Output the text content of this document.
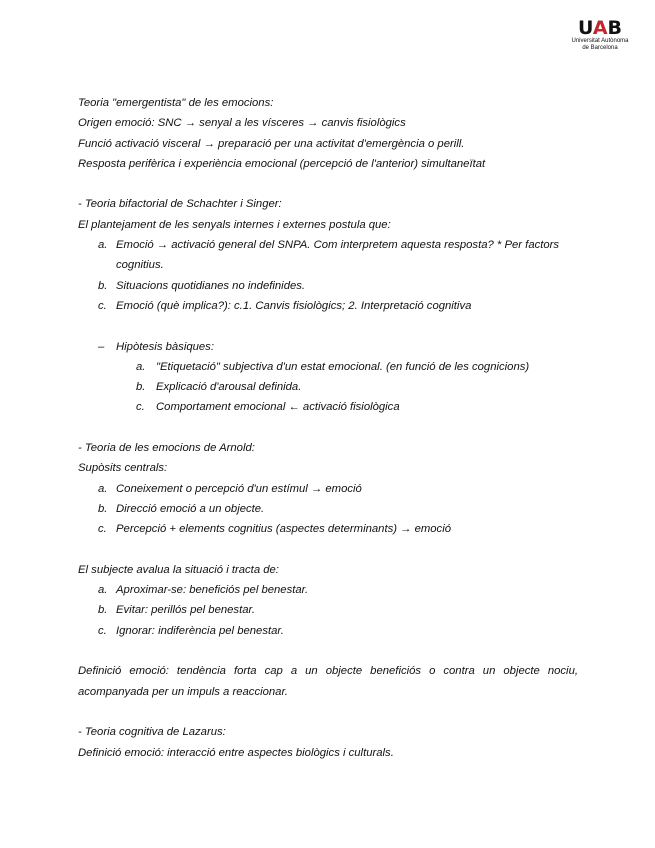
UAB
Universitat Autònoma
de Barcelona

Teoria "emergentista" de les emocions:

Origen emoció: SNC → senyal a les vísceres → canvis fisiològics

Funció activació visceral → preparació per una activitat d'emergència o perill.

Resposta perifèrica i experiència emocional (percepció de l'anterior) simultaneïtat

- Teoria bifactorial de Schachter i Singer:

El plantejament de les senyals internes i externes postula que:

a. Emoció → activació general del SNPA. Com interpretem aquesta resposta? * Per factors cognitius.
b. Situacions quotidianes no indefinides.
c. Emoció (què implica?): c.1. Canvis fisiològics; 2. Interpretació cognitiva
– Hipòtesis bàsiques:
a. "Etiquetació" subjectiva d'un estat emocional. (en funció de les cognicions)
b. Explicació d'arousal definida.
c. Comportament emocional ← activació fisiològica

- Teoria de les emocions de Arnold:

Supòsits centrals:

a. Coneixement o percepció d'un estímul → emoció
b. Direcció emoció a un objecte.
c. Percepció + elements cognitius (aspectes determinants) → emoció

El subjecte avalua la situació i tracta de:

a. Aproximar-se: beneficiós pel benestar.
b. Evitar: perillós pel benestar.
c. Ignorar: indiferència pel benestar.

Definició emoció: tendència forta cap a un objecte beneficiós o contra un objecte nociu, acompanyada per un impuls a reaccionar.

- Teoria cognitiva de Lazarus:

Definició emoció: interacció entre aspectes biològics i culturals.
